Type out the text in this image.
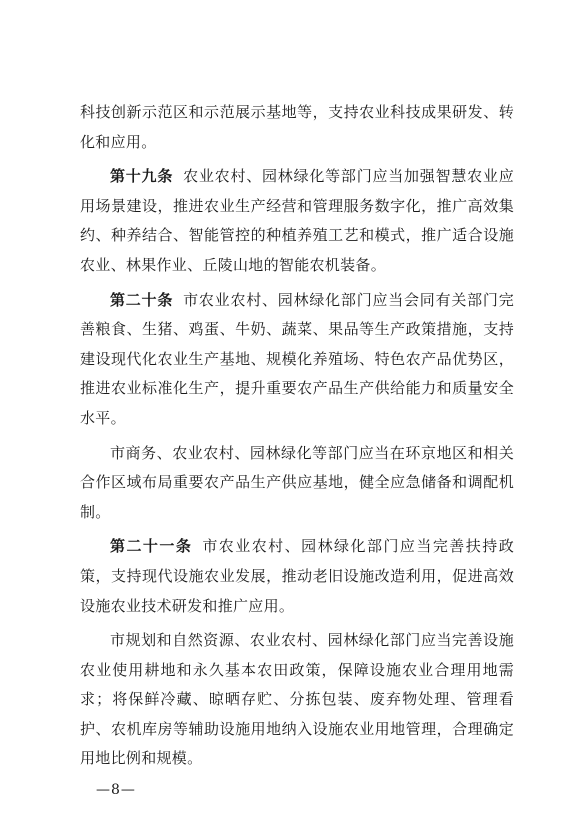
科技创新示范区和示范展示基地等，支持农业科技成果研发、转化和应用。

第十九条 农业农村、园林绿化等部门应当加强智慧农业应用场景建设，推进农业生产经营和管理服务数字化，推广高效集约、种养结合、智能管控的种植养殖工艺和模式，推广适合设施农业、林果作业、丘陵山地的智能农机装备。

第二十条 市农业农村、园林绿化部门应当会同有关部门完善粮食、生猪、鸡蛋、牛奶、蔬菜、果品等生产政策措施，支持建设现代化农业生产基地、规模化养殖场、特色农产品优势区，推进农业标准化生产，提升重要农产品生产供给能力和质量安全水平。

市商务、农业农村、园林绿化等部门应当在环京地区和相关合作区域布局重要农产品生产供应基地，健全应急储备和调配机制。

第二十一条 市农业农村、园林绿化部门应当完善扶持政策，支持现代设施农业发展，推动老旧设施改造利用，促进高效设施农业技术研发和推广应用。

市规划和自然资源、农业农村、园林绿化部门应当完善设施农业使用耕地和永久基本农田政策，保障设施农业合理用地需求；将保鲜冷藏、晾晒存贮、分拣包装、废弃物处理、管理看护、农机库房等辅助设施用地纳入设施农业用地管理，合理确定用地比例和规模。

—8—
